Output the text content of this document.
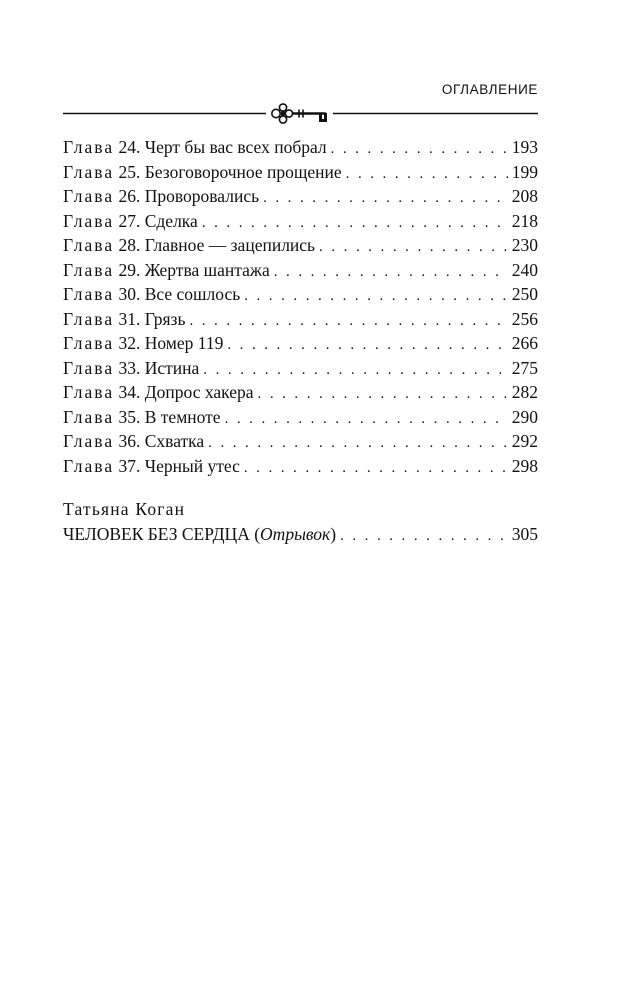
ОГЛАВЛЕНИЕ
Глава 24. Черт бы вас всех побрал . . .	193
Глава 25. Безоговорочное прощение . . .	199
Глава 26. Проворовались . . .	208
Глава 27. Сделка . . .	218
Глава 28. Главное — зацепились . . .	230
Глава 29. Жертва шантажа . . .	240
Глава 30. Все сошлось . . .	250
Глава 31. Грязь . . .	256
Глава 32. Номер 119 . . .	266
Глава 33. Истина . . .	275
Глава 34. Допрос хакера . . .	282
Глава 35. В темноте . . .	290
Глава 36. Схватка . . .	292
Глава 37. Черный утес . . .	298
Татьяна Коган
ЧЕЛОВЕК БЕЗ СЕРДЦА (Отрывок) . . .	305
